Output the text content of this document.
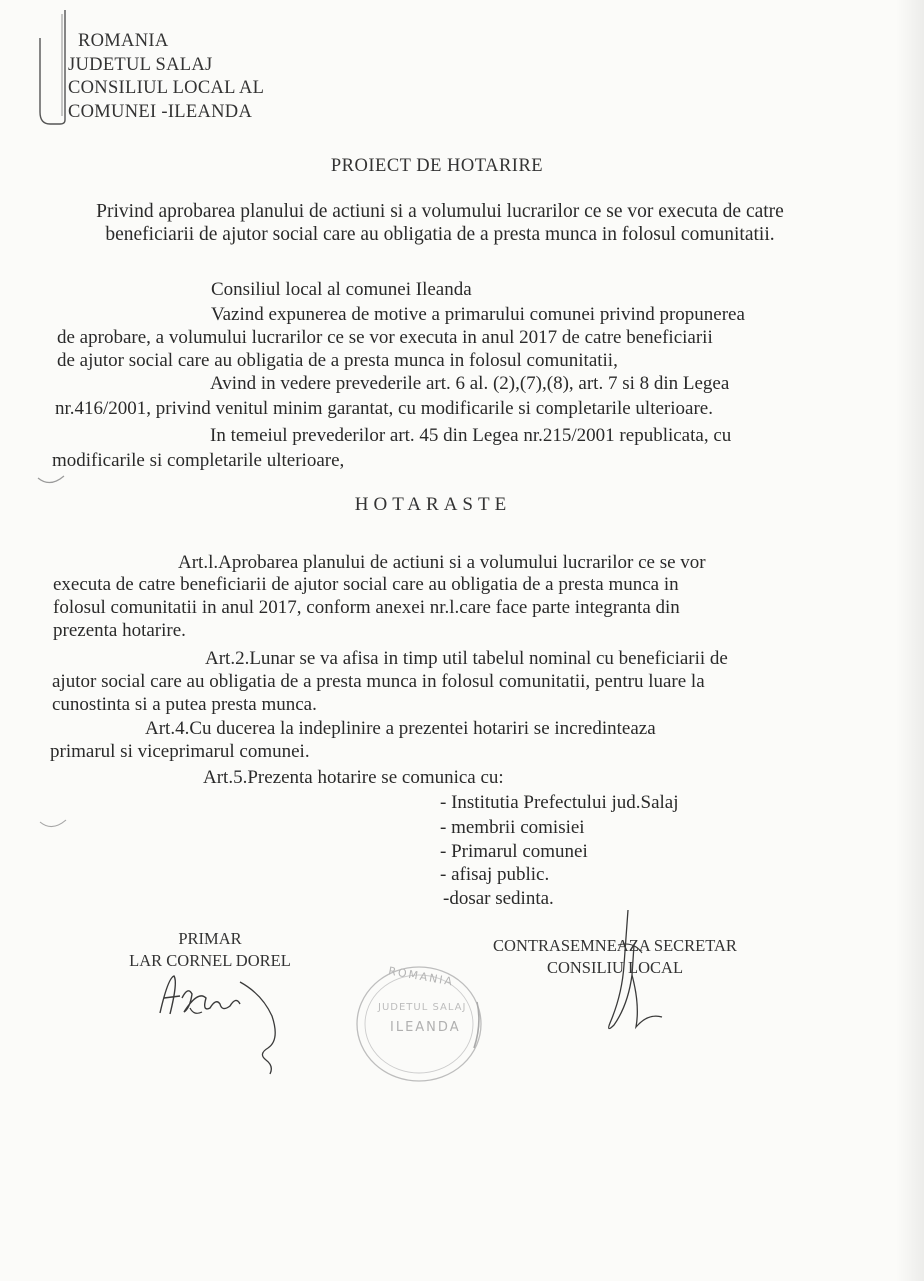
ROMANIA
JUDETUL SALAJ
CONSILIUL LOCAL AL
COMUNEI -ILEANDA
PROIECT DE HOTARIRE
Privind aprobarea planului de actiuni si a volumului lucrarilor ce se vor executa de catre
beneficiarii de ajutor social care au obligatia de a presta munca in folosul comunitatii.
Consiliul local al comunei Ileanda
Vazind expunerea de motive a primarului comunei privind propunerea
de aprobare, a volumului lucrarilor ce se vor executa in anul 2017 de catre beneficiarii
de ajutor social care au obligatia de a presta munca in folosul comunitatii,
Avind in vedere prevederile art. 6 al. (2),(7),(8), art. 7 si 8 din Legea
nr.416/2001, privind venitul minim garantat, cu modificarile si completarile ulterioare.
In temeiul prevederilor art. 45 din Legea nr.215/2001 republicata, cu
modificarile si completarile ulterioare,
HOTARASTE
Art.l.Aprobarea planului de actiuni si a volumului lucrarilor ce se vor
executa de catre beneficiarii de ajutor social care au obligatia de a presta munca in
folosul comunitatii in anul 2017, conform anexei nr.l.care face parte integranta din
prezenta hotarire.
Art.2.Lunar se va afisa in timp util tabelul nominal cu beneficiarii de
ajutor social care au obligatia de a presta munca in folosul comunitatii, pentru luare la
cunostinta si a putea presta munca.
Art.4.Cu ducerea la indeplinire a prezentei hotariri se incredinteaza
primarul si viceprimarul comunei.
Art.5.Prezenta hotarire se comunica cu:
- Institutia Prefectului jud.Salaj
- membrii comisiei
- Primarul comunei
- afisaj public.
-dosar sedinta.
PRIMAR
LAR CORNEL DOREL
CONTRASEMNEAZA SECRETAR
CONSILIU LOCAL
ROMANIA
JUDETUL SALAJ
ILEANDA
